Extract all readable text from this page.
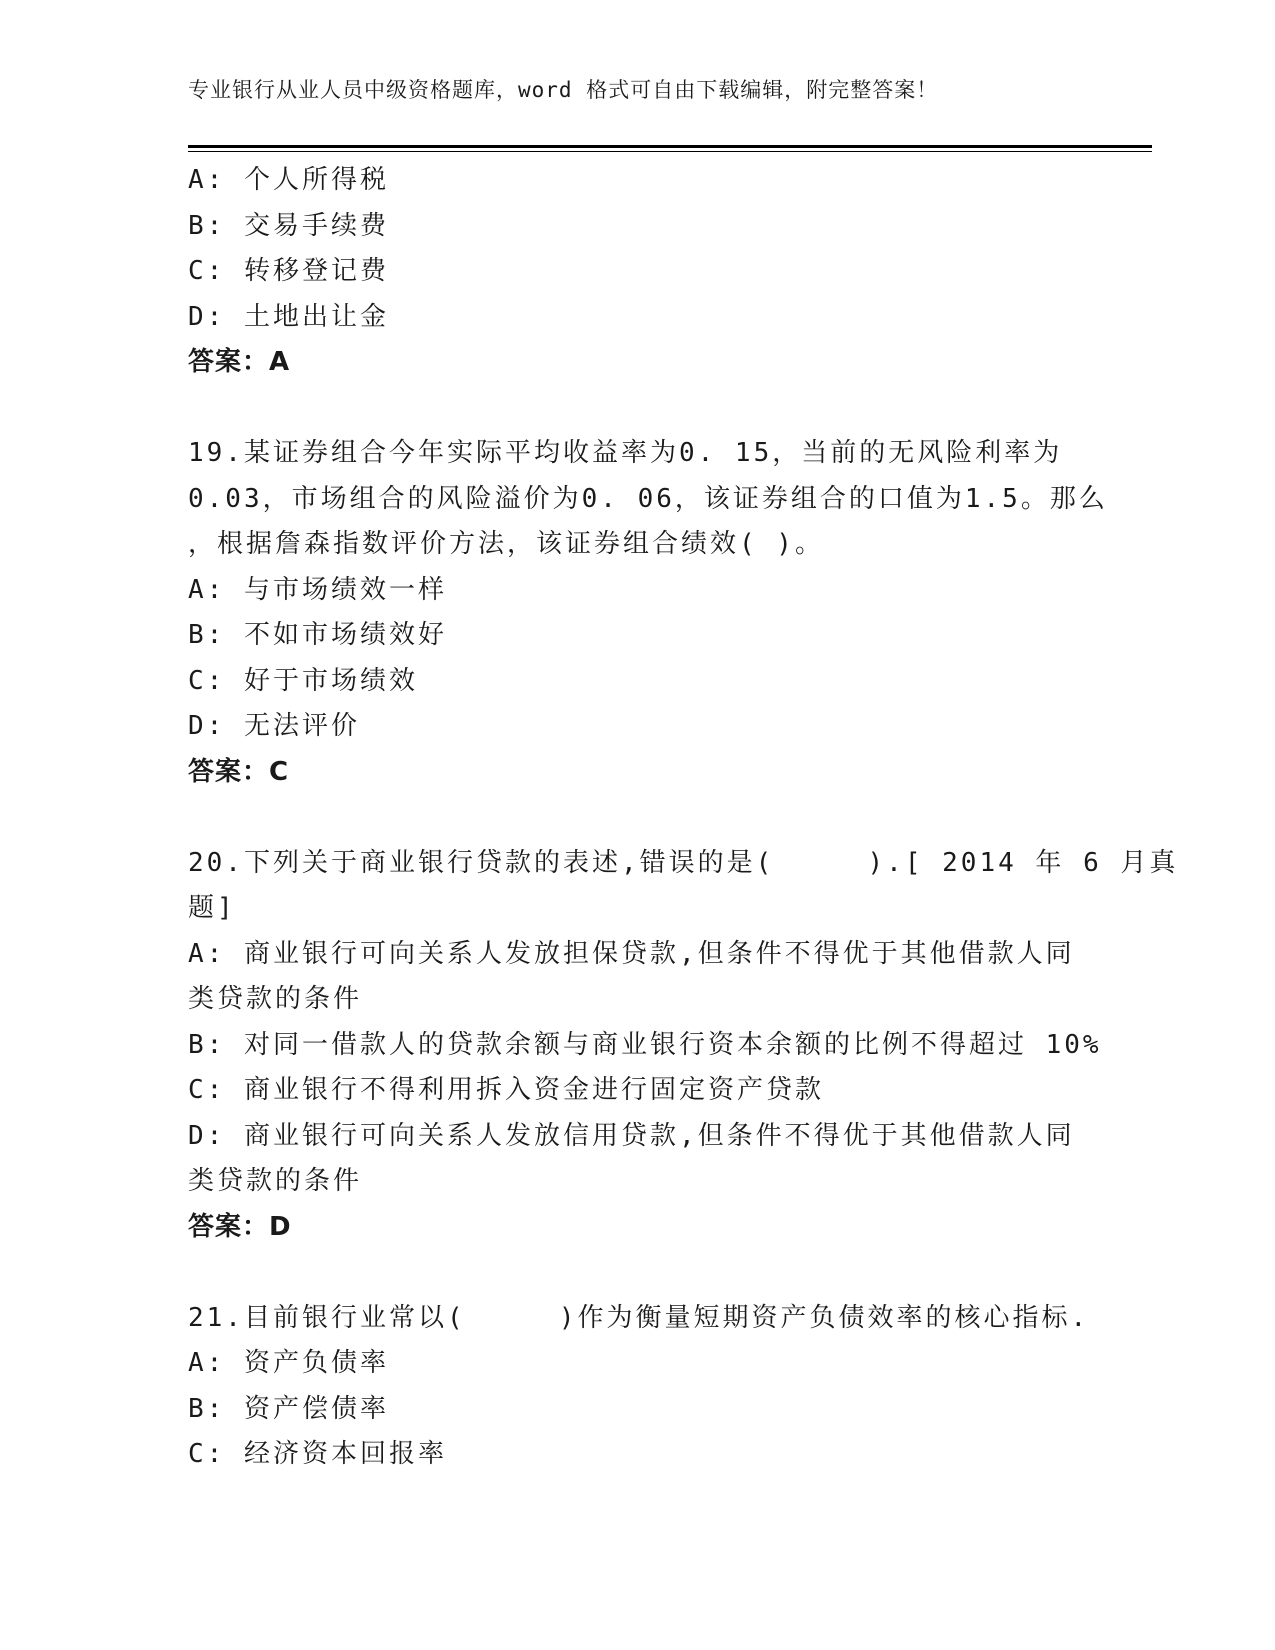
专业银行从业人员中级资格题库，word 格式可自由下载编辑，附完整答案！
A: 个人所得税
B: 交易手续费
C: 转移登记费
D: 土地出让金
答案：A
19.某证券组合今年实际平均收益率为0. 15，当前的无风险利率为
0.03，市场组合的风险溢价为0. 06，该证券组合的口值为1.5。那么
，根据詹森指数评价方法，该证券组合绩效( )。
A: 与市场绩效一样
B: 不如市场绩效好
C: 好于市场绩效
D: 无法评价
答案：C
20.下列关于商业银行贷款的表述,错误的是(     ).[ 2014 年 6 月真
题]
A: 商业银行可向关系人发放担保贷款,但条件不得优于其他借款人同
类贷款的条件
B: 对同一借款人的贷款余额与商业银行资本余额的比例不得超过 10%
C: 商业银行不得利用拆入资金进行固定资产贷款
D: 商业银行可向关系人发放信用贷款,但条件不得优于其他借款人同
类贷款的条件
答案：D
21.目前银行业常以(     )作为衡量短期资产负债效率的核心指标.
A: 资产负债率
B: 资产偿债率
C: 经济资本回报率
